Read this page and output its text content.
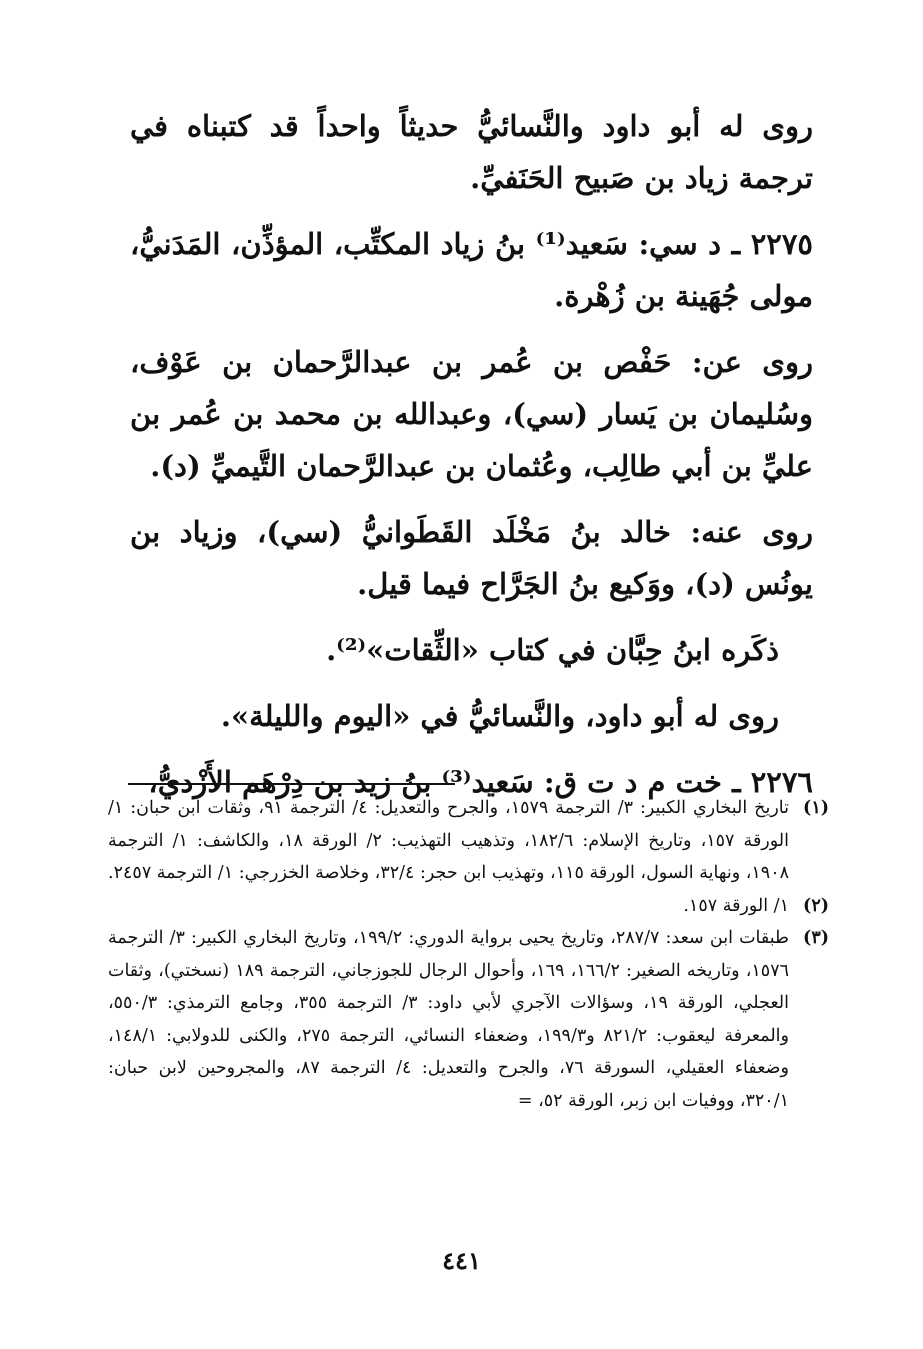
روى له أبو داود والنَّسائيُّ حديثاً واحداً قد كتبناه في ترجمة زياد بن صَبيح الحَنَفيِّ.

٢٢٧٥ ـ د سي: سَعيد⁽¹⁾ بنُ زياد المكتِّب، المؤذِّن، المَدَنيُّ، مولى جُهَينة بن زُهْرة.

روى عن: حَفْص بن عُمر بن عبدالرَّحمان بن عَوْف، وسُليمان بن يَسار (سي)، وعبدالله بن محمد بن عُمر بن عليِّ بن أبي طالِب، وعُثمان بن عبدالرَّحمان التَّيميِّ (د).

روى عنه: خالد بنُ مَخْلَد القَطَوانيُّ (سي)، وزياد بن يونُس (د)، ووَكيع بنُ الجَرَّاح فيما قيل.

ذكَره ابنُ حِبَّان في كتاب «الثِّقات»⁽²⁾.

روى له أبو داود، والنَّسائيُّ في «اليوم والليلة».

٢٢٧٦ ـ خت م د ت ق: سَعيد⁽³⁾ بنُ زيد بن دِرْهَم الأَزْديُّ،

(١)
تاريخ البخاري الكبير: ٣/ الترجمة ١٥٧٩، والجرح والتعديل: ٤/ الترجمة ٩١، وثقات ابن حبان: ١/ الورقة ١٥٧، وتاريخ الإسلام: ١٨٢/٦، وتذهيب التهذيب: ٢/ الورقة ١٨، والكاشف: ١/ الترجمة ١٩٠٨، ونهاية السول، الورقة ١١٥، وتهذيب ابن حجر: ٣٢/٤، وخلاصة الخزرجي: ١/ الترجمة ٢٤٥٧.
(٢)
١/ الورقة ١٥٧.
(٣)
طبقات ابن سعد: ٢٨٧/٧، وتاريخ يحيى برواية الدوري: ١٩٩/٢، وتاريخ البخاري الكبير: ٣/ الترجمة ١٥٧٦، وتاريخه الصغير: ١٦٦/٢، ١٦٩، وأحوال الرجال للجوزجاني، الترجمة ١٨٩ (نسختي)، وثقات العجلي، الورقة ١٩، وسؤالات الآجري لأبي داود: ٣/ الترجمة ٣٥٥، وجامع الترمذي: ٥٥٠/٣، والمعرفة ليعقوب: ٨٢١/٢ و١٩٩/٣، وضعفاء النسائي، الترجمة ٢٧٥، والكنى للدولابي: ١٤٨/١، وضعفاء العقيلي، السورقة ٧٦، والجرح والتعديل: ٤/ الترجمة ٨٧، والمجروحين لابن حبان: ٣٢٠/١، ووفيات ابن زبر، الورقة ٥٢، =
٤٤١
